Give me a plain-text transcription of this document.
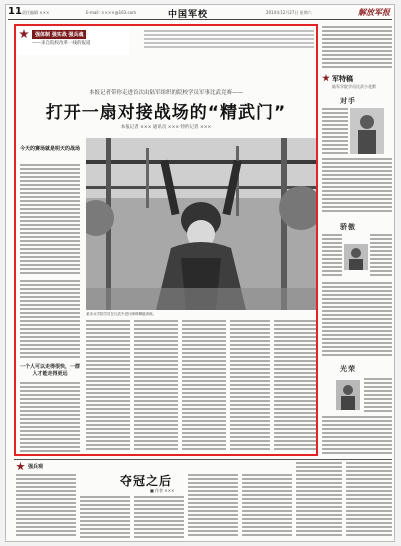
11 责任编辑 ×××	E-mail: ××××@163.com	中国军校	2014年12月27日 星期六	解放军报
强体制 强实战 强兵魂
——来自院校改革一线的报道
本报记者带你走进首次由陆军组织的院校学员军事比武竞赛——
打开一扇对接战场的“精武门”
本报记者 ××× 通讯员 ××× 特约记者 ×××
今天的赛场就是明天的战场
一个人可以走得很快，一群人才能走得更远
某步兵学院学员在比武中进行障碍攀越训练。
军特稿
陆军学院学员比武小花絮
对手
骄傲
光荣
强兵观
夺冠之后
■ 作者 ×××
